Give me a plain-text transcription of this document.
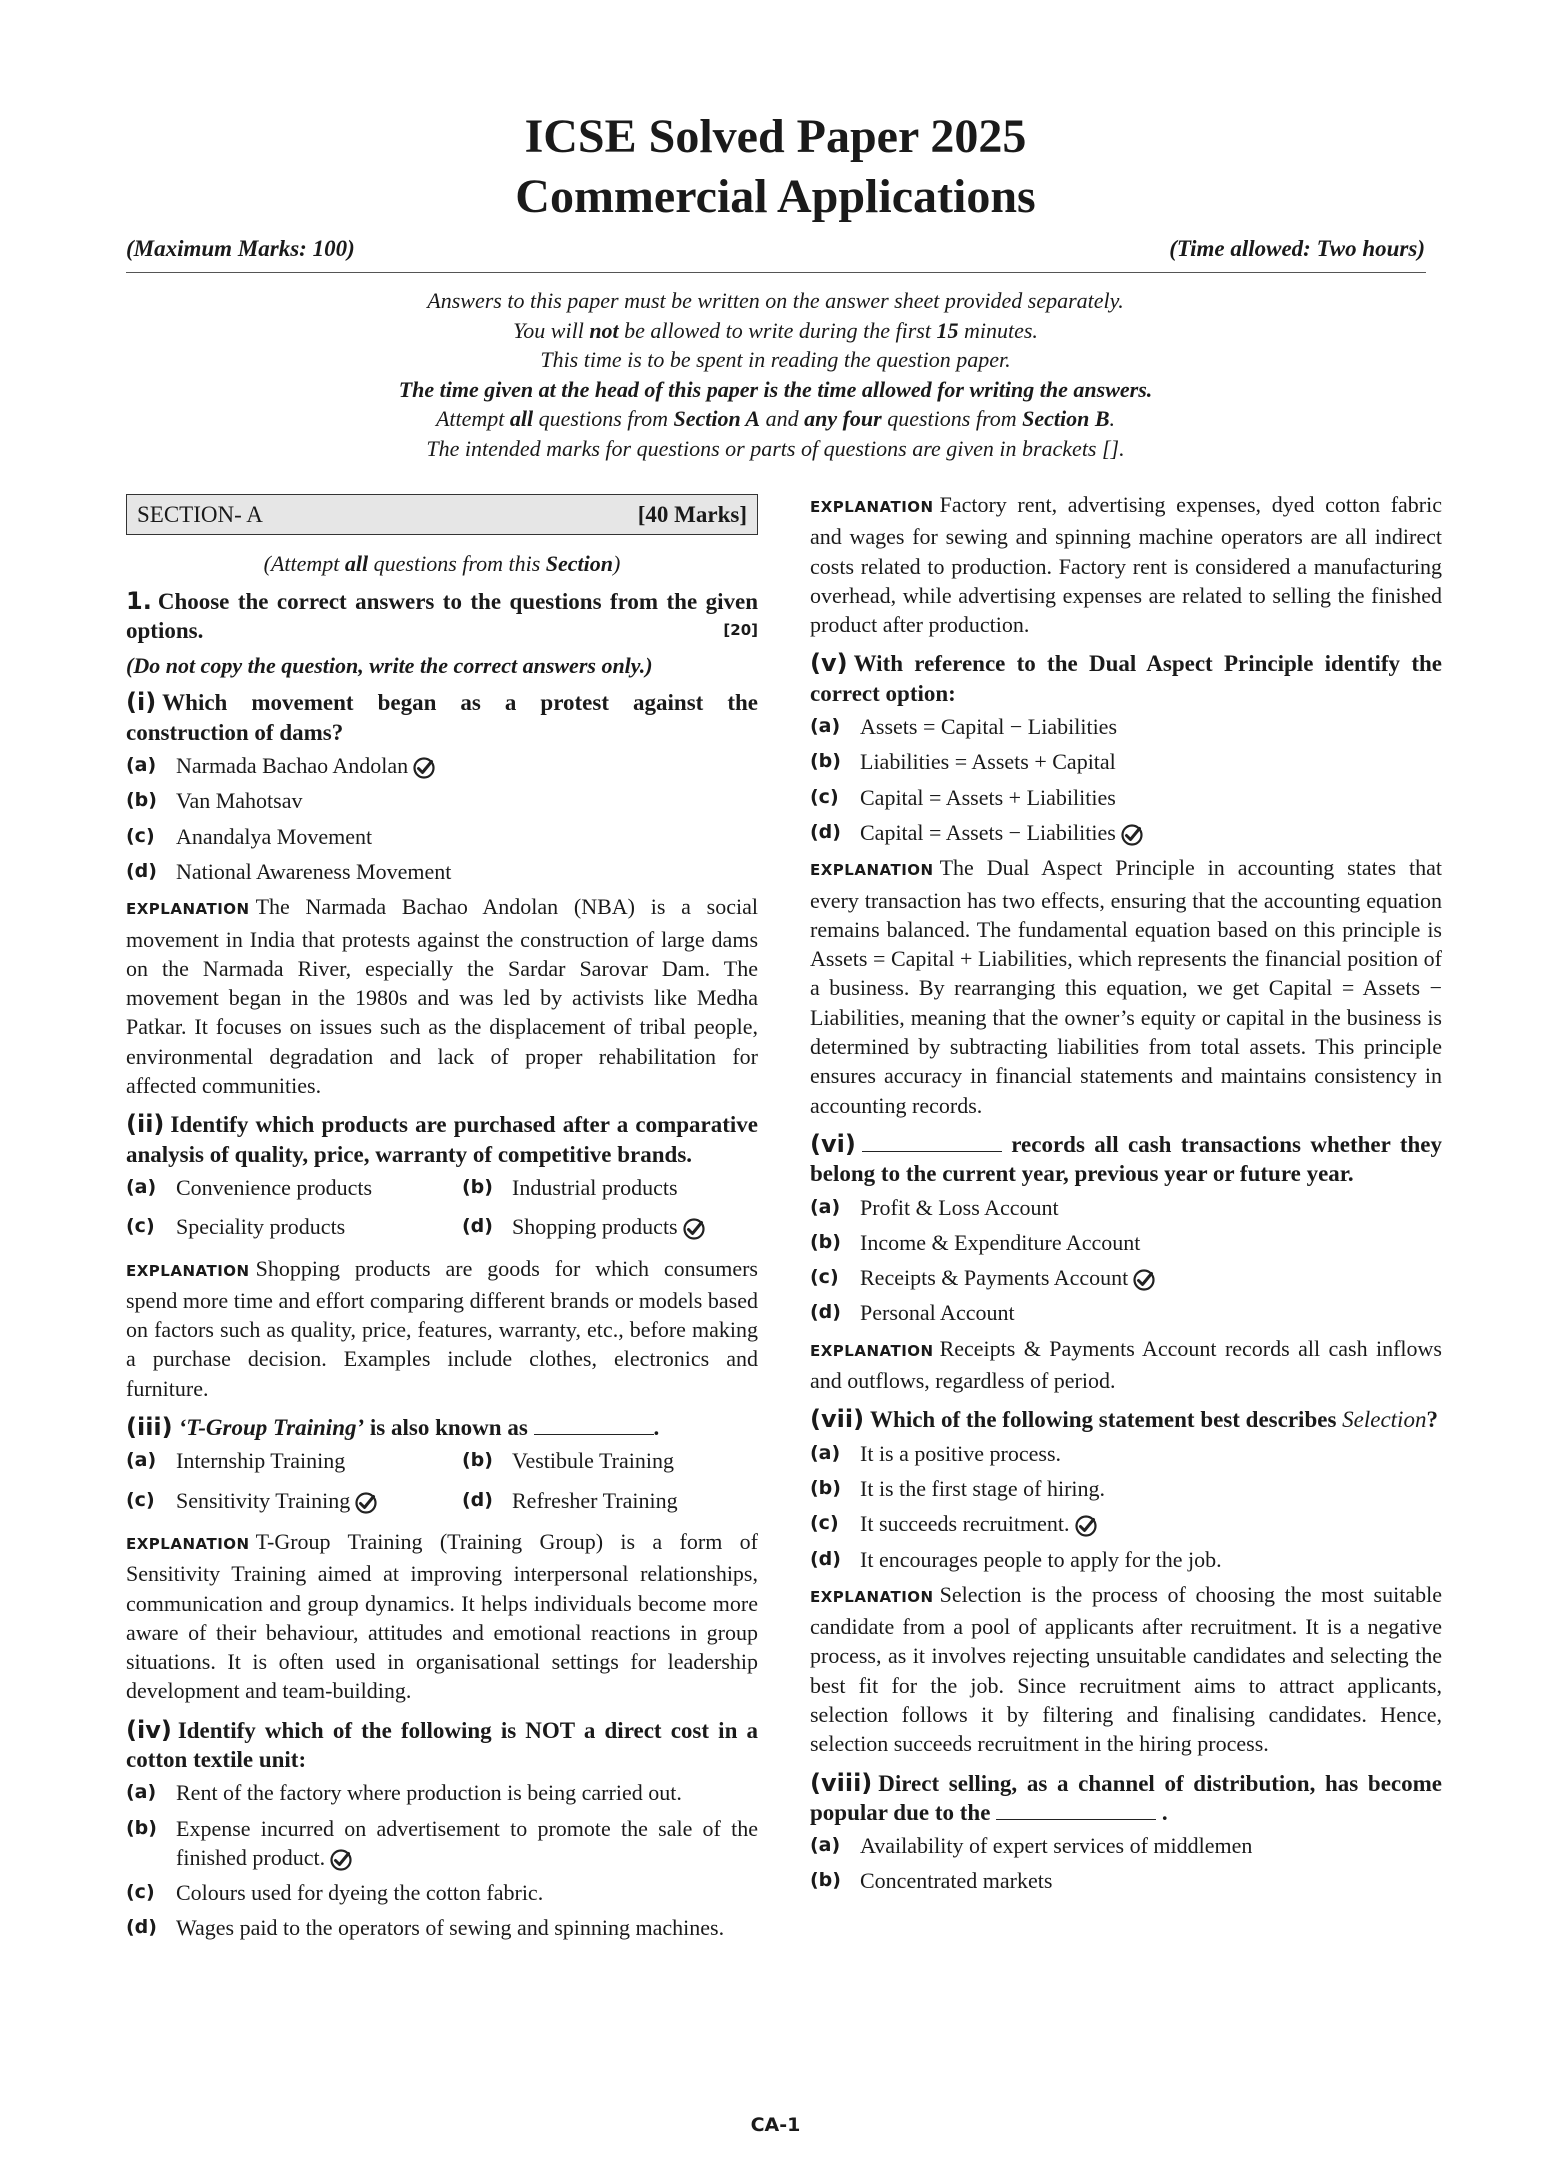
ICSE Solved Paper 2025
Commercial Applications
(Maximum Marks: 100)	(Time allowed: Two hours)
Answers to this paper must be written on the answer sheet provided separately.
You will not be allowed to write during the first 15 minutes.
This time is to be spent in reading the question paper.
The time given at the head of this paper is the time allowed for writing the answers.
Attempt all questions from Section A and any four questions from Section B.
The intended marks for questions or parts of questions are given in brackets [].
SECTION- A	[40 Marks]
(Attempt all questions from this Section)
1. Choose the correct answers to the questions from the given options.	[20]
(Do not copy the question, write the correct answers only.)
(i) Which movement began as a protest against the construction of dams?
(a) Narmada Bachao Andolan
(b) Van Mahotsav
(c) Anandalya Movement
(d) National Awareness Movement
EXPLANATION The Narmada Bachao Andolan (NBA) is a social movement in India that protests against the construction of large dams on the Narmada River, especially the Sardar Sarovar Dam. The movement began in the 1980s and was led by activists like Medha Patkar. It focuses on issues such as the displacement of tribal people, environmental degradation and lack of proper rehabilitation for affected communities.
(ii) Identify which products are purchased after a comparative analysis of quality, price, warranty of competitive brands.
(a) Convenience products	(b) Industrial products
(c) Speciality products	(d) Shopping products
EXPLANATION Shopping products are goods for which consumers spend more time and effort comparing different brands or models based on factors such as quality, price, features, warranty, etc., before making a purchase decision. Examples include clothes, electronics and furniture.
(iii) ‘T-Group Training’ is also known as	.
(a) Internship Training	(b) Vestibule Training
(c) Sensitivity Training	(d) Refresher Training
EXPLANATION T-Group Training (Training Group) is a form of Sensitivity Training aimed at improving interpersonal relationships, communication and group dynamics. It helps individuals become more aware of their behaviour, attitudes and emotional reactions in group situations. It is often used in organisational settings for leadership development and team-building.
(iv) Identify which of the following is NOT a direct cost in a cotton textile unit:
(a) Rent of the factory where production is being carried out.
(b) Expense incurred on advertisement to promote the sale of the finished product.
(c) Colours used for dyeing the cotton fabric.
(d) Wages paid to the operators of sewing and spinning machines.
EXPLANATION Factory rent, advertising expenses, dyed cotton fabric and wages for sewing and spinning machine operators are all indirect costs related to production. Factory rent is considered a manufacturing overhead, while advertising expenses are related to selling the finished product after production.
(v) With reference to the Dual Aspect Principle identify the correct option:
(a) Assets = Capital − Liabilities
(b) Liabilities = Assets + Capital
(c) Capital = Assets + Liabilities
(d) Capital = Assets − Liabilities
EXPLANATION The Dual Aspect Principle in accounting states that every transaction has two effects, ensuring that the accounting equation remains balanced. The fundamental equation based on this principle is Assets = Capital + Liabilities, which represents the financial position of a business. By rearranging this equation, we get Capital = Assets − Liabilities, meaning that the owner’s equity or capital in the business is determined by subtracting liabilities from total assets. This principle ensures accuracy in financial statements and maintains consistency in accounting records.
(vi)	records all cash transactions whether they belong to the current year, previous year or future year.
(a) Profit & Loss Account
(b) Income & Expenditure Account
(c) Receipts & Payments Account
(d) Personal Account
EXPLANATION Receipts & Payments Account records all cash inflows and outflows, regardless of period.
(vii) Which of the following statement best describes Selection?
(a) It is a positive process.
(b) It is the first stage of hiring.
(c) It succeeds recruitment.
(d) It encourages people to apply for the job.
EXPLANATION Selection is the process of choosing the most suitable candidate from a pool of applicants after recruitment. It is a negative process, as it involves rejecting unsuitable candidates and selecting the best fit for the job. Since recruitment aims to attract applicants, selection follows it by filtering and finalising candidates. Hence, selection succeeds recruitment in the hiring process.
(viii) Direct selling, as a channel of distribution, has become popular due to the	.
(a) Availability of expert services of middlemen
(b) Concentrated markets
CA-1
